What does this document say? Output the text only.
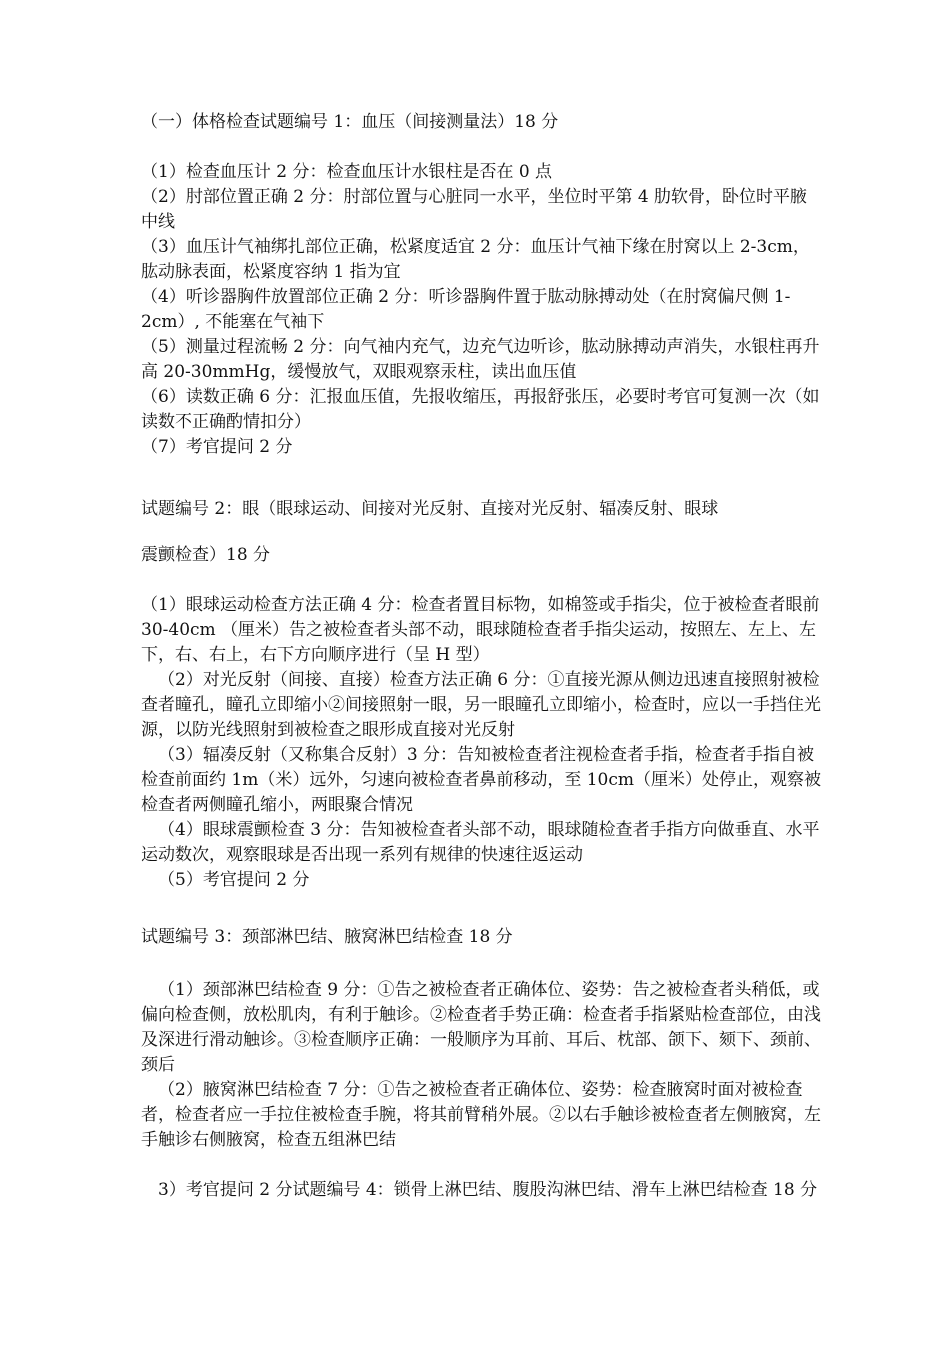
（一）体格检查试题编号 1：血压（间接测量法）18 分

（1）检查血压计 2 分：检查血压计水银柱是否在 0 点

（2）肘部位置正确 2 分：肘部位置与心脏同一水平，坐位时平第 4 肋软骨，卧位时平腋中线

（3）血压计气袖绑扎部位正确，松紧度适宜 2 分：血压计气袖下缘在肘窝以上 2-3cm，肱动脉表面，松紧度容纳 1 指为宜

（4）听诊器胸件放置部位正确 2 分：听诊器胸件置于肱动脉搏动处（在肘窝偏尺侧 1-2cm）, 不能塞在气袖下

（5）测量过程流畅 2 分：向气袖内充气，边充气边听诊，肱动脉搏动声消失，水银柱再升高 20-30mmHg，缓慢放气，双眼观察汞柱，读出血压值

（6）读数正确 6 分：汇报血压值，先报收缩压，再报舒张压，必要时考官可复测一次（如读数不正确酌情扣分）

（7）考官提问 2 分

试题编号 2：眼（眼球运动、间接对光反射、直接对光反射、辐凑反射、眼球

震颤检查）18 分

（1）眼球运动检查方法正确 4 分：检查者置目标物，如棉签或手指尖，位于被检查者眼前 30-40cm （厘米）告之被检查者头部不动，眼球随检查者手指尖运动，按照左、左上、左下，右、右上，右下方向顺序进行（呈 H 型）

（2）对光反射（间接、直接）检查方法正确 6 分：①直接光源从侧边迅速直接照射被检查者瞳孔，瞳孔立即缩小②间接照射一眼，另一眼瞳孔立即缩小，检查时，应以一手挡住光源，以防光线照射到被检查之眼形成直接对光反射

（3）辐凑反射（又称集合反射）3 分：告知被检查者注视检查者手指，检查者手指自被检查前面约 1m（米）远外，匀速向被检查者鼻前移动，至 10cm（厘米）处停止，观察被检查者两侧瞳孔缩小，两眼聚合情况

（4）眼球震颤检查 3 分：告知被检查者头部不动，眼球随检查者手指方向做垂直、水平运动数次，观察眼球是否出现一系列有规律的快速往返运动

（5）考官提问 2 分

试题编号 3：颈部淋巴结、腋窝淋巴结检查 18 分

（1）颈部淋巴结检查 9 分：①告之被检查者正确体位、姿势：告之被检查者头稍低，或偏向检查侧，放松肌肉，有利于触诊。②检查者手势正确：检查者手指紧贴检查部位，由浅及深进行滑动触诊。③检查顺序正确：一般顺序为耳前、耳后、枕部、颌下、颏下、颈前、颈后

（2）腋窝淋巴结检查 7 分：①告之被检查者正确体位、姿势：检查腋窝时面对被检查者，检查者应一手拉住被检查手腕，将其前臂稍外展。②以右手触诊被检查者左侧腋窝，左手触诊右侧腋窝，检查五组淋巴结

3）考官提问 2 分试题编号 4：锁骨上淋巴结、腹股沟淋巴结、滑车上淋巴结检查 18 分
